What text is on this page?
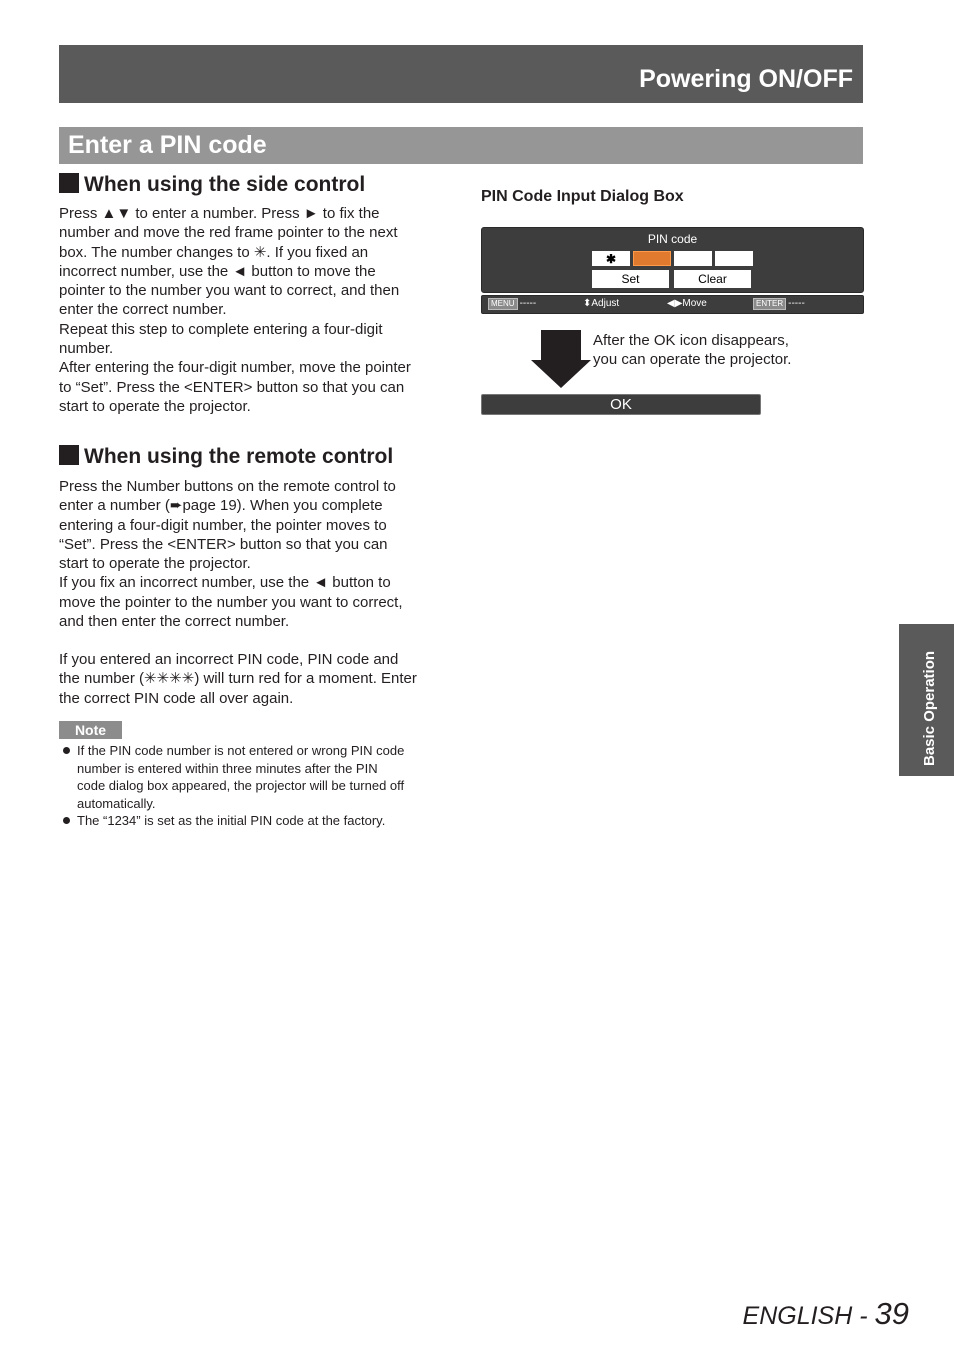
Powering ON/OFF
Enter a PIN code
When using the side control
Press ▲▼ to enter a number. Press ► to fix the
number and move the red frame pointer to the next
box. The number changes to ✳. If you fixed an
incorrect number, use the ◄ button to move the
pointer to the number you want to correct, and then
enter the correct number.
Repeat this step to complete entering a four-digit
number.
After entering the four-digit number, move the pointer
to “Set”. Press the <ENTER> button so that you can
start to operate the projector.
When using the remote control
Press the Number buttons on the remote control to
enter a number (➨page 19). When you complete
entering a four-digit number, the pointer moves to
“Set”. Press the <ENTER> button so that you can
start to operate the projector.
If you fix an incorrect number, use the ◄ button to
move the pointer to the number you want to correct,
and then enter the correct number.
If you entered an incorrect PIN code, PIN code and
the number (✳✳✳✳) will turn red for a moment. Enter
the correct PIN code all over again.
Note
If the PIN code number is not entered or wrong PIN code
number is entered within three minutes after the PIN
code dialog box appeared, the projector will be turned off
automatically.
The “1234” is set as the initial PIN code at the factory.
PIN Code Input Dialog Box
PIN code
✱
Set	Clear
MENU -----	⬍Adjust	◀▶Move	ENTER -----
After the OK icon disappears,
you can operate the projector.
OK
Basic Operation
ENGLISH - 39
